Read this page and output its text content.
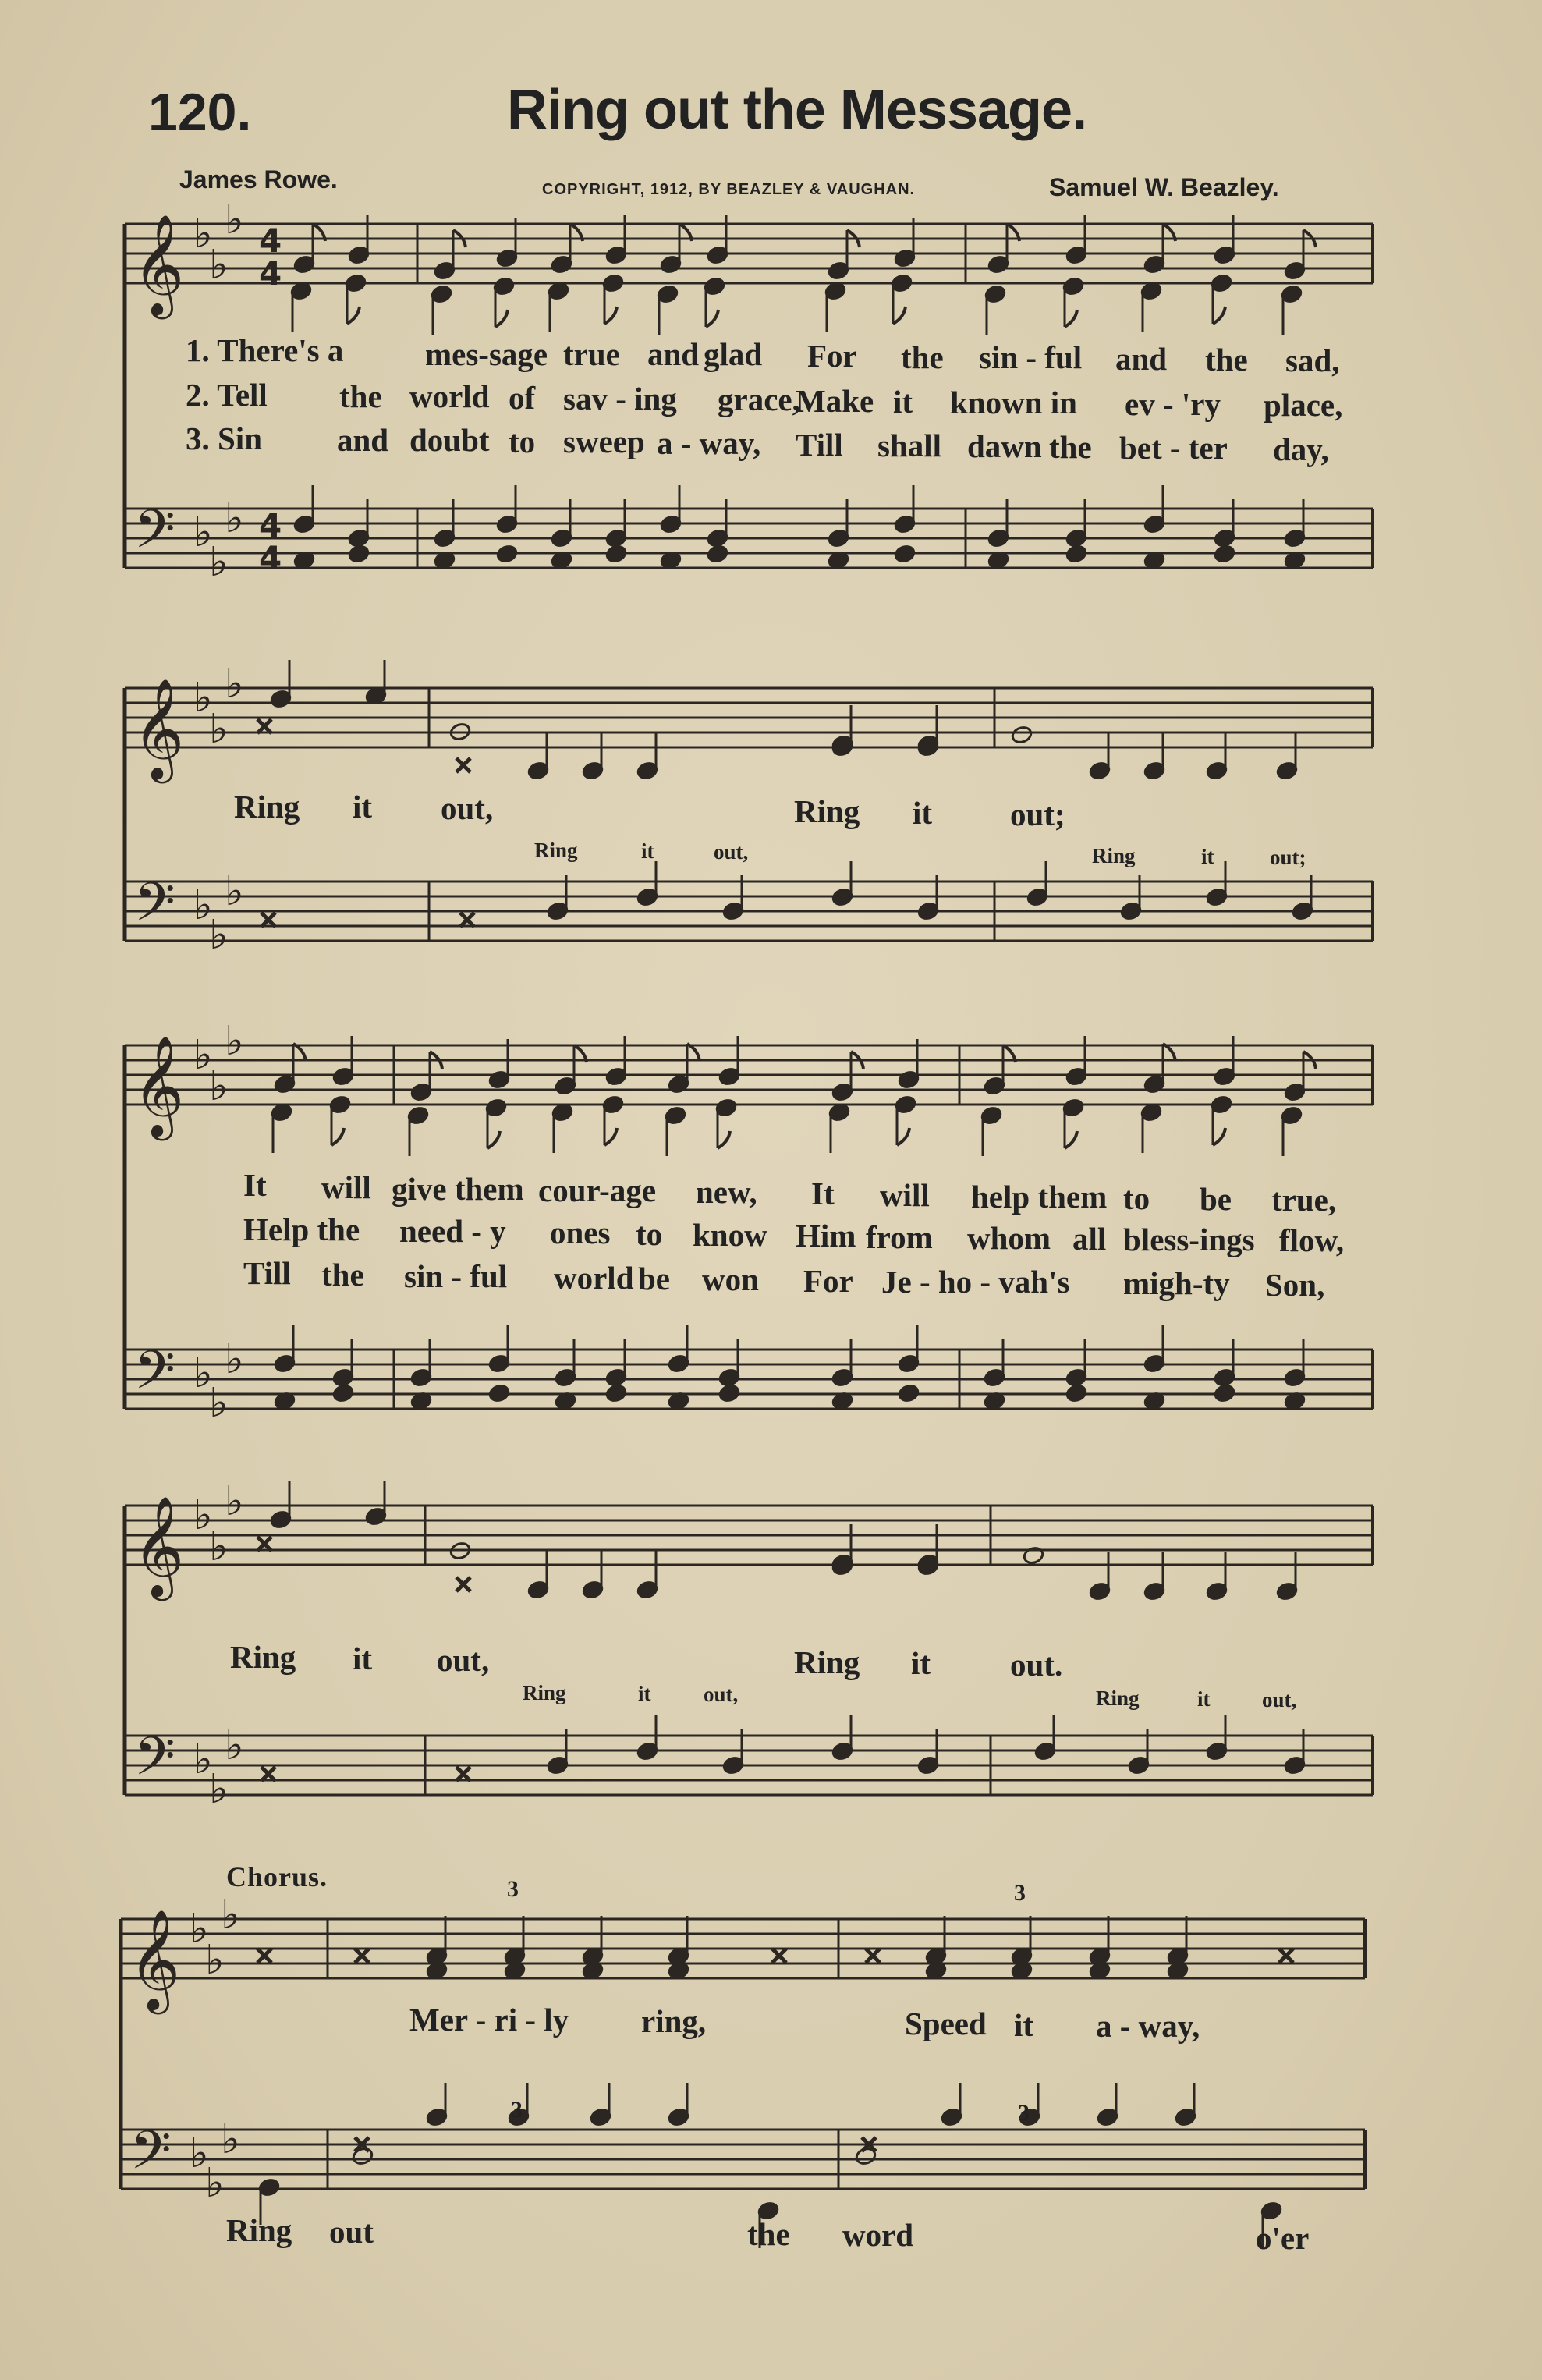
120.	Ring out the Message.
James Rowe.	COPYRIGHT, 1912, BY BEAZLEY & VAUGHAN.	Samuel W. Beazley.
𝄞
𝄢
♭
♭
♭
♭
♭
♭
4
4
4
4
𝄞
𝄢
♭
♭
♭
♭
♭
♭
𝄞
𝄢
♭
♭
♭
♭
♭
♭
𝄞
𝄢
♭
♭
♭
♭
♭
♭
𝄞
𝄢
♭
♭
♭
♭
♭
♭
1. There's a	mes-sage true and glad For the sin - ful and the sad,
2. Tell the world of sav - ing grace,
Make it known in ev - 'ry place,
3. Sin and doubt to sweep a - way, Till shall dawn the bet - ter day,
Ring it out,	Ring it out;
Ring	it	out,	Ring	it	out;
It will give them cour-age new, It will help them to be true,
Help the need - y ones to know Him from whom all bless-ings flow,
Till the sin - ful world be won For Je - ho - vah's migh-ty Son,
Ring it out,	Ring it out.
Ring	it	out,	Ring	it out,
Chorus.
Mer - ri - ly ring,	Speed it a - way,
Ring out	the word	o'er
3	3
3	3
